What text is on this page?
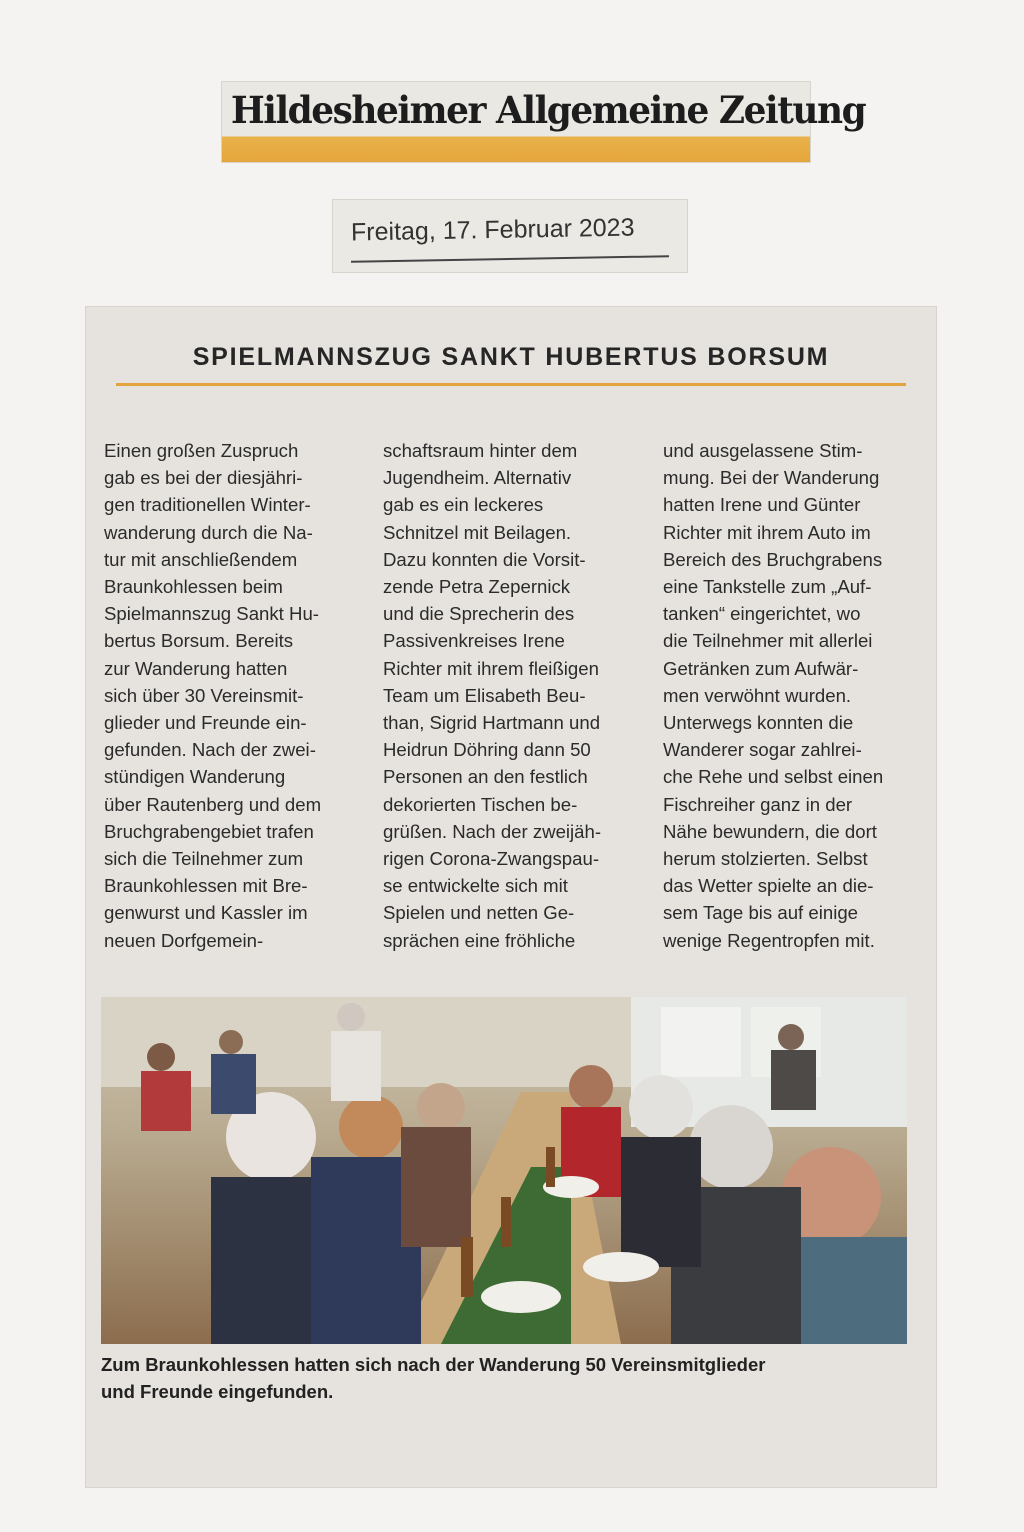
Hildesheimer Allgemeine Zeitung
Freitag, 17. Februar 2023
SPIELMANNSZUG SANKT HUBERTUS BORSUM
Einen großen Zuspruch
gab es bei der diesjähri-
gen traditionellen Winter-
wanderung durch die Na-
tur mit anschließendem
Braunkohlessen beim
Spielmannszug Sankt Hu-
bertus Borsum. Bereits
zur Wanderung hatten
sich über 30 Vereinsmit-
glieder und Freunde ein-
gefunden. Nach der zwei-
stündigen Wanderung
über Rautenberg und dem
Bruchgrabengebiet trafen
sich die Teilnehmer zum
Braunkohlessen mit Bre-
genwurst und Kassler im
neuen Dorfgemein-
schaftsraum hinter dem
Jugendheim. Alternativ
gab es ein leckeres
Schnitzel mit Beilagen.
Dazu konnten die Vorsit-
zende Petra Zepernick
und die Sprecherin des
Passivenkreises Irene
Richter mit ihrem fleißigen
Team um Elisabeth Beu-
than, Sigrid Hartmann und
Heidrun Döhring dann 50
Personen an den festlich
dekorierten Tischen be-
grüßen. Nach der zweijäh-
rigen Corona-Zwangspau-
se entwickelte sich mit
Spielen und netten Ge-
sprächen eine fröhliche
und ausgelassene Stim-
mung. Bei der Wanderung
hatten Irene und Günter
Richter mit ihrem Auto im
Bereich des Bruchgrabens
eine Tankstelle zum „Auf-
tanken“ eingerichtet, wo
die Teilnehmer mit allerlei
Getränken zum Aufwär-
men verwöhnt wurden.
Unterwegs konnten die
Wanderer sogar zahlrei-
che Rehe und selbst einen
Fischreiher ganz in der
Nähe bewundern, die dort
herum stolzierten. Selbst
das Wetter spielte an die-
sem Tage bis auf einige
wenige Regentropfen mit.
Zum Braunkohlessen hatten sich nach der Wanderung 50 Vereinsmitglieder
und Freunde eingefunden.
